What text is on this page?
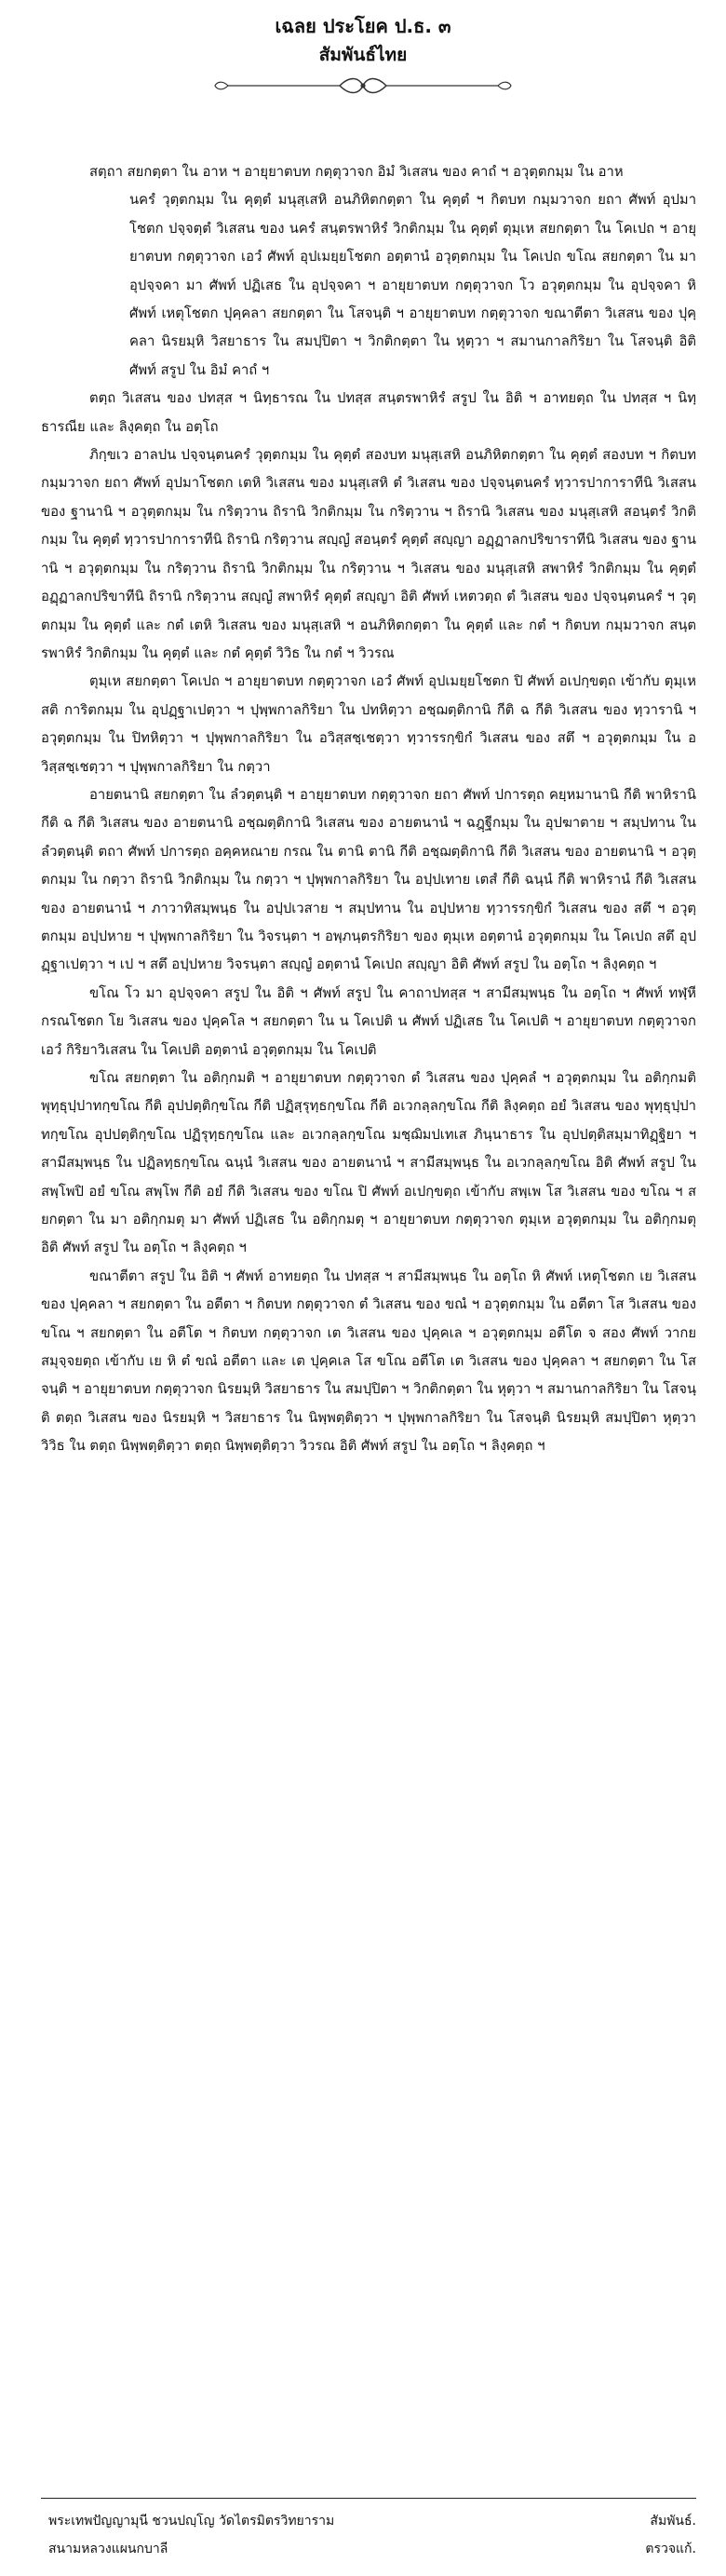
เฉลย ประโยค ป.ธ. ๓
สัมพันธ์ไทย

สตฺถา สยกตฺตา ใน อาห ฯ อายุยาตบท กตฺตุวาจก อิมํ วิเสสน ของ คาถํ ฯ อวุตฺตกมฺม ใน อาห

นครํ วุตฺตกมฺม ใน คุตฺตํ มนุสฺเสหิ อนภิหิตกตฺตา ใน คุตฺตํ ฯ กิตบท กมฺมวาจก ยถา ศัพท์ อุปมาโชตก ปจฺจตฺตํ วิเสสน ของ นครํ สนฺตรพาหิรํ วิกติกมฺม ใน คุตฺตํ ตุมฺเห สยกตฺตา ใน โคเปถ ฯ อายุยาตบท กตฺตุวาจก เอวํ ศัพท์ อุปเมยฺยโชตก อตฺตานํ อวุตฺตกมฺม ใน โคเปถ ขโณ สยกตฺตา ใน มา อุปจฺจคา มา ศัพท์ ปฏิเสธ ใน อุปจฺจคา ฯ อายุยาตบท กตฺตุวาจก โว อวุตฺตกมฺม ใน อุปจฺจคา หิ ศัพท์ เหตุโชตก ปุคฺคลา สยกตฺตา ใน โสจนฺติ ฯ อายุยาตบท กตฺตุวาจก ขณาตีตา วิเสสน ของ ปุคฺคลา นิรยมฺหิ วิสยาธาร ใน สมปฺปิตา ฯ วิกติกตฺตา ใน หุตฺวา ฯ สมานกาลกิริยา ใน โสจนฺติ อิติ ศัพท์ สรูป ใน อิมํ คาถํ ฯ

ตตฺถ วิเสสน ของ ปทสฺส ฯ นิทฺธารณ ใน ปทสฺส สนฺตรพาหิรํ สรูป ใน อิติ ฯ อาทยตฺถ ใน ปทสฺส ฯ นิทฺธารณีย และ ลิงฺคตฺถ ใน อตฺโถ

ภิกฺขเว อาลปน ปจฺจนฺตนครํ วุตฺตกมฺม ใน คุตฺตํ สองบท มนุสฺเสหิ อนภิหิตกตฺตา ใน คุตฺตํ สองบท ฯ กิตบท กมฺมวาจก ยถา ศัพท์ อุปมาโชตก เตหิ วิเสสน ของ มนุสฺเสหิ ตํ วิเสสน ของ ปจฺจนฺตนครํ ทฺวารปาการาทีนิ วิเสสน ของ ฐานานิ ฯ อวุตฺตกมฺม ใน กริตฺวาน ถิรานิ วิกติกมฺม ใน กริตฺวาน ฯ ถิรานิ วิเสสน ของ มนุสฺเสหิ สอนฺตรํ วิกติกมฺม ใน คุตฺตํ ทฺวารปาการาทีนิ ถิรานิ กริตฺวาน สญฺญํ สอนฺตรํ คุตฺตํ สญฺญา อฏฺฏาลกปริขาราทีนิ วิเสสน ของ ฐานานิ ฯ อวุตฺตกมฺม ใน กริตฺวาน ถิรานิ วิกติกมฺม ใน กริตฺวาน ฯ วิเสสน ของ มนุสฺเสหิ สพาหิรํ วิกติกมฺม ใน คุตฺตํ อฏฺฏาลกปริขาทีนิ ถิรานิ กริตฺวาน สญฺญํ สพาหิรํ คุตฺตํ สญฺญา อิติ ศัพท์ เหตวตฺถ ตํ วิเสสน ของ ปจฺจนฺตนครํ ฯ วุตฺตกมฺม ใน คุตฺตํ และ กตํ เตหิ วิเสสน ของ มนุสฺเสหิ ฯ อนภิหิตกตฺตา ใน คุตฺตํ และ กตํ ฯ กิตบท กมฺมวาจก สนฺตรพาหิรํ วิกติกมฺม ใน คุตฺตํ และ กตํ คุตฺตํ วิวิธ ใน กตํ ฯ วิวรณ

ตุมฺเห สยกตฺตา โคเปถ ฯ อายุยาตบท กตฺตุวาจก เอวํ ศัพท์ อุปเมยฺยโชตก ปิ ศัพท์ อเปกฺขตฺถ เข้ากับ ตุมฺเห สติ การิตกมฺม ใน อุปฏฺฐาเปตฺวา ฯ ปุพฺพกาลกิริยา ใน ปทหิตฺวา อชฺฌตฺติกานิ กีติ ฉ กีติ วิเสสน ของ ทฺวารานิ ฯ อวุตฺตกมฺม ใน ปิทหิตฺวา ฯ ปุพฺพกาลกิริยา ใน อวิสฺสชฺเชตฺวา ทฺวารรกฺขิกํ วิเสสน ของ สตึ ฯ อวุตฺตกมฺม ใน อวิสฺสชฺเชตฺวา ฯ ปุพฺพกาลกิริยา ใน กตฺวา

อายตนานิ สยกตฺตา ใน ลํวตฺตนฺติ ฯ อายุยาตบท กตฺตุวาจก ยถา ศัพท์ ปการตฺถ คยฺหมานานิ กีติ พาหิรานิ กีติ ฉ กีติ วิเสสน ของ อายตนานิ อชฺฌตฺติกานิ วิเสสน ของ อายตนานํ ฯ ฉฎฺฐีกมฺม ใน อุปฆาตาย ฯ สมฺปทาน ใน ลํวตฺตนฺติ ตถา ศัพท์ ปการตฺถ อคฺคหณาย กรณ ใน ตานิ ตานิ กีติ อชฺฌตฺติกานิ กีติ วิเสสน ของ อายตนานิ ฯ อวุตฺตกมฺม ใน กตฺวา ถิรานิ วิกติกมฺม ใน กตฺวา ฯ ปุพฺพกาลกิริยา ใน อปฺปเทาย เตสํ กีติ ฉนฺนํ กีติ พาหิรานํ กีติ วิเสสน ของ อายตนานํ ฯ ภาวาทิสมฺพนฺธ ใน อปฺปเวสาย ฯ สมฺปทาน ใน อปฺปหาย ทฺวารรกฺขิกํ วิเสสน ของ สตึ ฯ อวุตฺตกมฺม อปฺปหาย ฯ ปุพฺพกาลกิริยา ใน วิจรนฺตา ฯ อพฺภนฺตรกิริยา ของ ตุมฺเห อตฺตานํ อวุตฺตกมฺม ใน โคเปถ สตึ อุปฏฺฐาเปตฺวา ฯ เป ฯ สตึ อปฺปหาย วิจรนฺตา สญฺญํ อตฺตานํ โคเปถ สญฺญา อิติ ศัพท์ สรูป ใน อตฺโถ ฯ ลิงฺคตฺถ ฯ

ขโณ โว มา อุปจฺจคา สรูป ใน อิติ ฯ ศัพท์ สรูป ใน คาถาปทสฺส ฯ สามีสมฺพนฺธ ใน อตฺโถ ฯ ศัพท์ ทฬฺหีกรณโชตก โย วิเสสน ของ ปุคฺคโล ฯ สยกตฺตา ใน น โคเปติ น ศัพท์ ปฏิเสธ ใน โคเปติ ฯ อายุยาตบท กตฺตุวาจก เอวํ กิริยาวิเสสน ใน โคเปติ อตฺตานํ อวุตฺตกมฺม ใน โคเปติ

ขโณ สยกตฺตา ใน อติกฺกมติ ฯ อายุยาตบท กตฺตุวาจก ตํ วิเสสน ของ ปุคฺคลํ ฯ อวุตฺตกมฺม ใน อติกฺกมติ พุทฺธุปฺปาทกฺขโณ กีติ อุปปตฺติกฺขโณ กีติ ปฏิสฺรุทฺธกฺขโณ กีติ อเวกลฺลกฺขโณ กีติ ลิงฺคตฺถ อยํ วิเสสน ของ พุทฺธุปฺปาทกฺขโณ อุปปตฺติกฺขโณ ปฏิรุทฺธกฺขโณ และ อเวกลฺลกฺขโณ มชฺฌิมปเทเส ภินฺนาธาร ใน อุปปตฺติสมฺมาทิฏฺฐิยา ฯ สามีสมฺพนฺธ ใน ปฏิลทฺธกฺขโณ ฉนฺนํ วิเสสน ของ อายตนานํ ฯ สามีสมฺพนฺธ ใน อเวกลฺลกฺขโณ อิติ ศัพท์ สรูป ใน สพฺโพปิ อยํ ขโณ สพฺโพ กีติ อยํ กีติ วิเสสน ของ ขโณ ปิ ศัพท์ อเปกฺขตฺถ เข้ากับ สพฺเพ โส วิเสสน ของ ขโณ ฯ สยกตฺตา ใน มา อติกฺกมตุ มา ศัพท์ ปฏิเสธ ใน อติกฺกมตุ ฯ อายุยาตบท กตฺตุวาจก ตุมฺเห อวุตฺตกมฺม ใน อติกฺกมตุ อิติ ศัพท์ สรูป ใน อตฺโถ ฯ ลิงฺคตฺถ ฯ

ขณาตีตา สรูป ใน อิติ ฯ ศัพท์ อาทยตฺถ ใน ปทสฺส ฯ สามีสมฺพนฺธ ใน อตฺโถ หิ ศัพท์ เหตุโชตก เย วิเสสน ของ ปุคฺคลา ฯ สยกตฺตา ใน อตีตา ฯ กิตบท กตฺตุวาจก ตํ วิเสสน ของ ขณํ ฯ อวุตฺตกมฺม ใน อตีตา โส วิเสสน ของ ขโณ ฯ สยกตฺตา ใน อตีโต ฯ กิตบท กตฺตุวาจก เต วิเสสน ของ ปุคฺคเล ฯ อวุตฺตกมฺม อตีโต จ สอง ศัพท์ วากยสมุจฺจยตฺถ เข้ากับ เย หิ ตํ ขณํ อตีตา และ เต ปุคฺคเล โส ขโณ อตีโต เต วิเสสน ของ ปุคฺคลา ฯ สยกตฺตา ใน โสจนฺติ ฯ อายุยาตบท กตฺตุวาจก นิรยมฺหิ วิสยาธาร ใน สมปฺปิตา ฯ วิกติกตฺตา ใน หุตฺวา ฯ สมานกาลกิริยา ใน โสจนฺติ ตตฺถ วิเสสน ของ นิรยมฺหิ ฯ วิสยาธาร ใน นิพฺพตฺติตฺวา ฯ ปุพฺพกาลกิริยา ใน โสจนฺติ นิรยมฺหิ สมปฺปิตา หุตฺวา วิวิธ ใน ตตฺถ นิพฺพตฺติตฺวา ตตฺถ นิพฺพตฺติตฺวา วิวรณ อิติ ศัพท์ สรูป ใน อตฺโถ ฯ ลิงฺคตฺถ ฯ

พระเทพปัญญามุนี ชวนปญฺโญ วัดไตรมิตรวิทยาราม
สนามหลวงแผนกบาลี
สัมพันธ์.
ตรวจแก้.
